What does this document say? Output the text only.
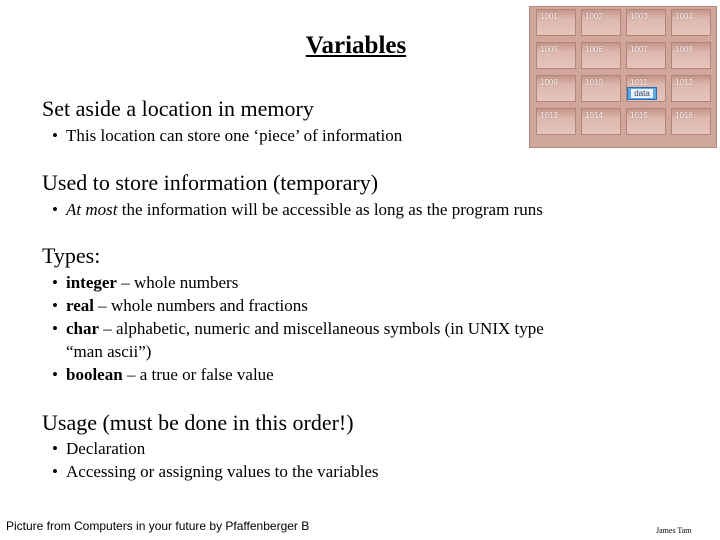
Variables
1001	1002	1003	1004
1005	1006	1007	1008
1009	1010	1011	1012
1013	1014	1015	1016
data
Set aside a location in memory
• This location can store one ‘piece’ of information
Used to store information (temporary)
• At most the information will be accessible as long as the program runs
Types:
• integer – whole numbers
• real – whole numbers and fractions
• char – alphabetic, numeric and miscellaneous symbols (in UNIX type
“man ascii”)
• boolean – a true or false value
Usage (must be done in this order!)
• Declaration
• Accessing or assigning values to the variables
Picture from Computers in your future by Pfaffenberger B	James Tam
